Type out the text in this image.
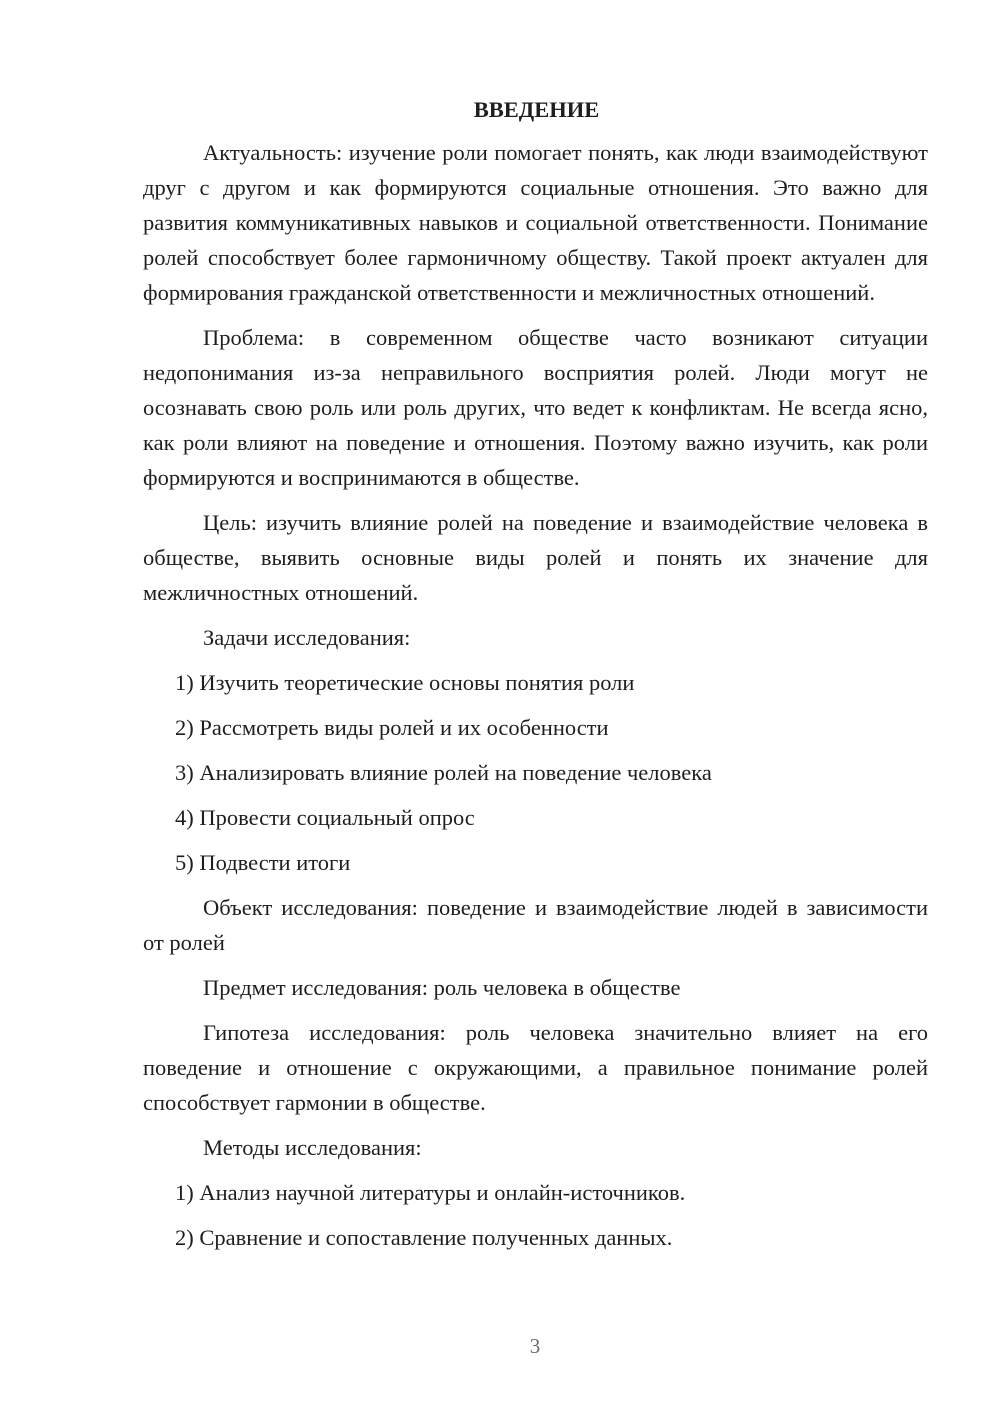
ВВЕДЕНИЕ

Актуальность: изучение роли помогает понять, как люди взаимодействуют друг с другом и как формируются социальные отношения. Это важно для развития коммуникативных навыков и социальной ответственности. Понимание ролей способствует более гармоничному обществу. Такой проект актуален для формирования гражданской ответственности и межличностных отношений.

Проблема: в современном обществе часто возникают ситуации недопонимания из-за неправильного восприятия ролей. Люди могут не осознавать свою роль или роль других, что ведет к конфликтам. Не всегда ясно, как роли влияют на поведение и отношения. Поэтому важно изучить, как роли формируются и воспринимаются в обществе.

Цель: изучить влияние ролей на поведение и взаимодействие человека в обществе, выявить основные виды ролей и понять их значение для межличностных отношений.

Задачи исследования:

1) Изучить теоретические основы понятия роли

2) Рассмотреть виды ролей и их особенности

3) Анализировать влияние ролей на поведение человека

4) Провести социальный опрос

5) Подвести итоги

Объект исследования: поведение и взаимодействие людей в зависимости от ролей

Предмет исследования: роль человека в обществе

Гипотеза исследования: роль человека значительно влияет на его поведение и отношение с окружающими, а правильное понимание ролей способствует гармонии в обществе.

Методы исследования:

1) Анализ научной литературы и онлайн-источников.

2) Сравнение и сопоставление полученных данных.

3
